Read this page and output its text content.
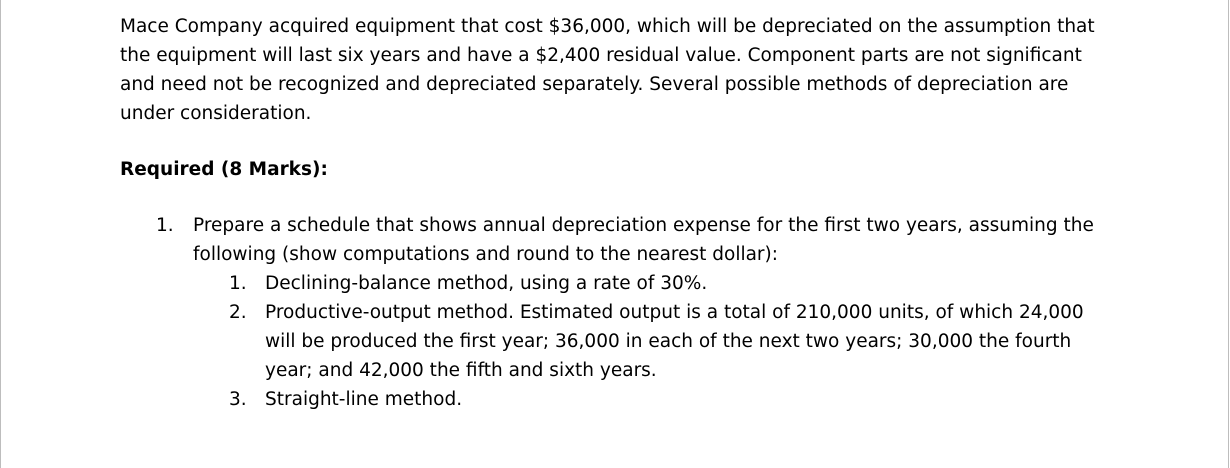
Mace Company acquired equipment that cost $36,000, which will be depreciated on the assumption that the equipment will last six years and have a $2,400 residual value. Component parts are not significant and need not be recognized and depreciated separately. Several possible methods of depreciation are under consideration.

Required (8 Marks):

1. Prepare a schedule that shows annual depreciation expense for the first two years, assuming the following (show computations and round to the nearest dollar):
1. Declining-balance method, using a rate of 30%.
2. Productive-output method. Estimated output is a total of 210,000 units, of which 24,000 will be produced the first year; 36,000 in each of the next two years; 30,000 the fourth year; and 42,000 the fifth and sixth years.
3. Straight-line method.
